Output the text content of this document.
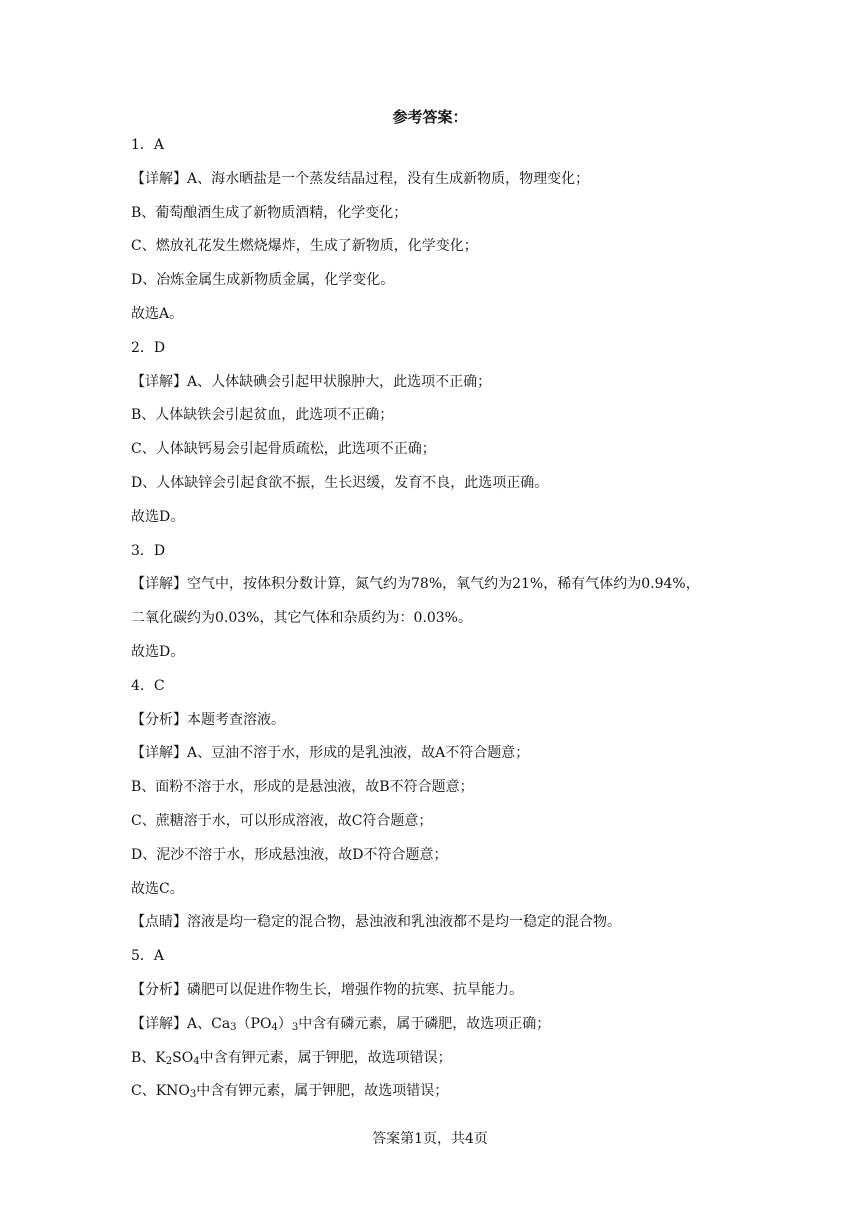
参考答案：
1．A
【详解】A、海水晒盐是一个蒸发结晶过程，没有生成新物质，物理变化；
B、葡萄酿酒生成了新物质酒精，化学变化；
C、燃放礼花发生燃烧爆炸，生成了新物质，化学变化；
D、冶炼金属生成新物质金属，化学变化。
故选A。
2．D
【详解】A、人体缺碘会引起甲状腺肿大，此选项不正确；
B、人体缺铁会引起贫血，此选项不正确；
C、人体缺钙易会引起骨质疏松，此选项不正确；
D、人体缺锌会引起食欲不振，生长迟缓，发育不良，此选项正确。
故选D。
3．D
【详解】空气中，按体积分数计算，氮气约为78%，氧气约为21%，稀有气体约为0.94%，
二氧化碳约为0.03%，其它气体和杂质约为：0.03%。
故选D。
4．C
【分析】本题考查溶液。
【详解】A、豆油不溶于水，形成的是乳浊液，故A不符合题意；
B、面粉不溶于水，形成的是悬浊液，故B不符合题意；
C、蔗糖溶于水，可以形成溶液，故C符合题意；
D、泥沙不溶于水，形成悬浊液，故D不符合题意；
故选C。
【点睛】溶液是均一稳定的混合物，悬浊液和乳浊液都不是均一稳定的混合物。
5．A
【分析】磷肥可以促进作物生长，增强作物的抗寒、抗旱能力。
【详解】A、$Ca_3(PO_4)_3$中含有磷元素，属于磷肥，故选项正确；
B、$K_2SO_4$中含有钾元素，属于钾肥，故选项错误；
C、$KNO_3$中含有钾元素，属于钾肥，故选项错误；
答案第1页，共4页
